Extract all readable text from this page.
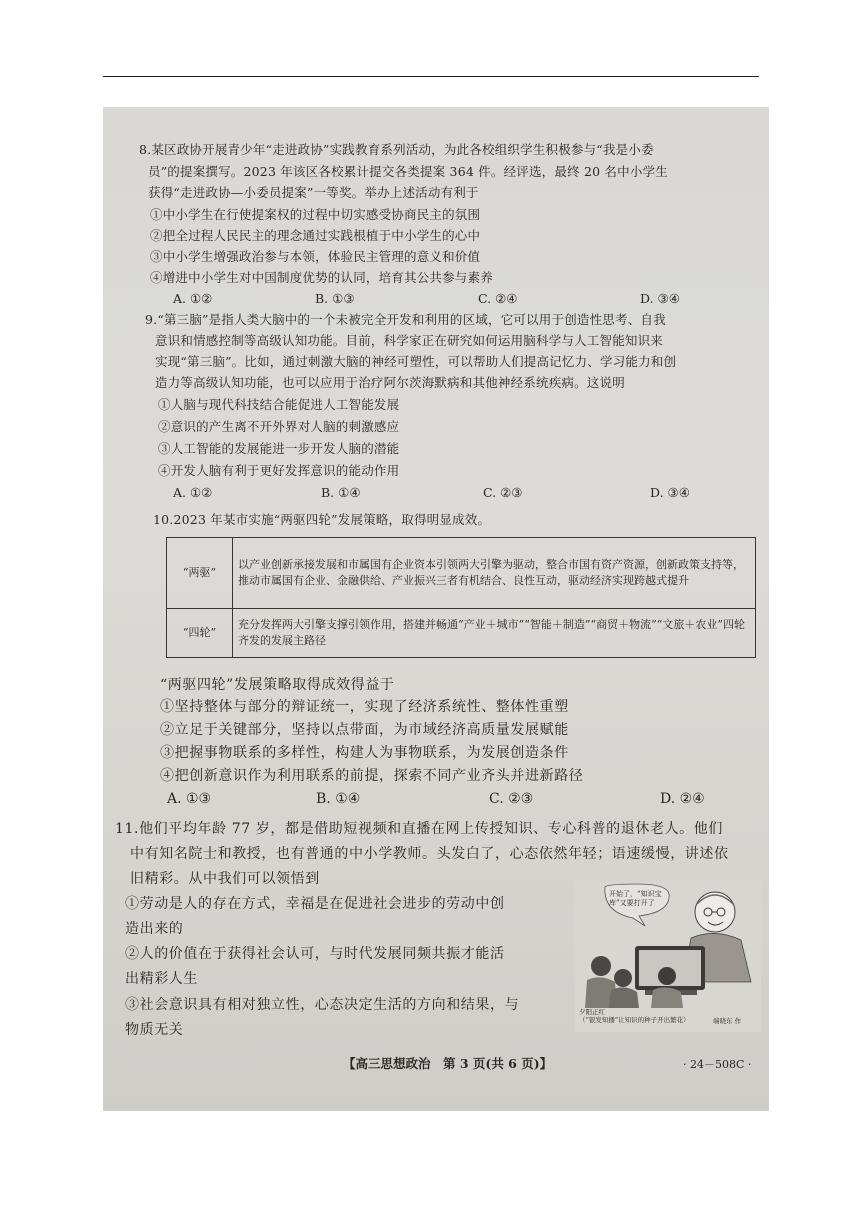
8.某区政协开展青少年“走进政协”实践教育系列活动，为此各校组织学生积极参与“我是小委
员”的提案撰写。2023 年该区各校累计提交各类提案 364 件。经评选，最终 20 名中小学生
获得“走进政协—小委员提案”一等奖。举办上述活动有利于
①中小学生在行使提案权的过程中切实感受协商民主的氛围
②把全过程人民民主的理念通过实践根植于中小学生的心中
③中小学生增强政治参与本领，体验民主管理的意义和价值
④增进中小学生对中国制度优势的认同，培育其公共参与素养
A. ①②	B. ①③	C. ②④	D. ③④
9.“第三脑”是指人类大脑中的一个未被完全开发和利用的区域，它可以用于创造性思考、自我
意识和情感控制等高级认知功能。目前，科学家正在研究如何运用脑科学与人工智能知识来
实现“第三脑”。比如，通过刺激大脑的神经可塑性，可以帮助人们提高记忆力、学习能力和创
造力等高级认知功能，也可以应用于治疗阿尔茨海默病和其他神经系统疾病。这说明
①人脑与现代科技结合能促进人工智能发展
②意识的产生离不开外界对人脑的刺激感应
③人工智能的发展能进一步开发人脑的潜能
④开发人脑有利于更好发挥意识的能动作用
A. ①②	B. ①④	C. ②③	D. ③④
10.2023 年某市实施“两驱四轮”发展策略，取得明显成效。
“两驱”	以产业创新承接发展和市属国有企业资本引领两大引擎为驱动，整合市国有资产资源，创新政策支持等，推动市属国有企业、金融供给、产业振兴三者有机结合、良性互动，驱动经济实现跨越式提升
“四轮”	充分发挥两大引擎支撑引领作用，搭建并畅通“产业＋城市”“智能＋制造”“商贸＋物流”“文旅＋农业”四轮齐发的发展主路径
“两驱四轮”发展策略取得成效得益于
①坚持整体与部分的辩证统一，实现了经济系统性、整体性重塑
②立足于关键部分，坚持以点带面，为市域经济高质量发展赋能
③把握事物联系的多样性，构建人为事物联系，为发展创造条件
④把创新意识作为利用联系的前提，探索不同产业齐头并进新路径
A. ①③	B. ①④	C. ②③	D. ②④
11.他们平均年龄 77 岁，都是借助短视频和直播在网上传授知识、专心科普的退休老人。他们
中有知名院士和教授，也有普通的中小学教师。头发白了，心态依然年轻；语速缓慢，讲述依
旧精彩。从中我们可以领悟到
①劳动是人的存在方式，幸福是在促进社会进步的劳动中创
造出来的
②人的价值在于获得社会认可，与时代发展同频共振才能活
出精彩人生
③社会意识具有相对独立性，心态决定生活的方向和结果，与
物质无关
开始了，“知识宝库”又要打开了
夕阳正红
（“银发知播”让知识的种子开出繁花）	端晓东 作
【高三思想政治　第 3 页(共 6 页)】	· 24－508C ·
